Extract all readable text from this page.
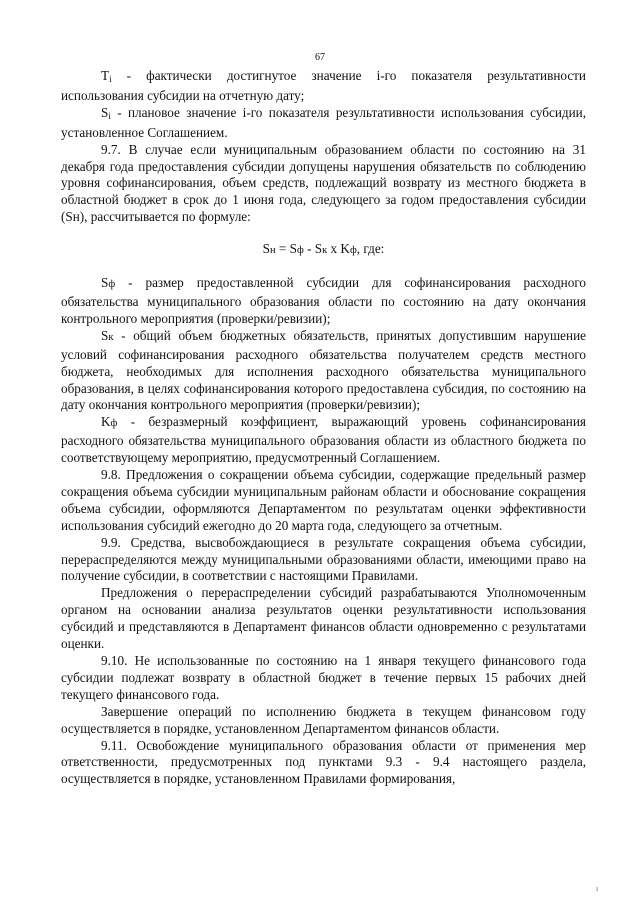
67

$T_i$ - фактически достигнутое значение i-го показателя результативности использования субсидии на отчетную дату;

$S_i$ - плановое значение i-го показателя результативности использования субсидии, установленное Соглашением.

9.7. В случае если муниципальным образованием области по состоянию на 31 декабря года предоставления субсидии допущены нарушения обязательств по соблюдению уровня софинансирования, объем средств, подлежащий возврату из местного бюджета в областной бюджет в срок до 1 июня года, следующего за годом предоставления субсидии (Sн), рассчитывается по формуле:

Sн = Sф - Sк x Kф, где:

Sф - размер предоставленной субсидии для софинансирования расходного обязательства муниципального образования области по состоянию на дату окончания контрольного мероприятия (проверки/ревизии);

Sк - общий объем бюджетных обязательств, принятых допустившим нарушение условий софинансирования расходного обязательства получателем средств местного бюджета, необходимых для исполнения расходного обязательства муниципального образования, в целях софинансирования которого предоставлена субсидия, по состоянию на дату окончания контрольного мероприятия (проверки/ревизии);

Kф - безразмерный коэффициент, выражающий уровень софинансирования расходного обязательства муниципального образования области из областного бюджета по соответствующему мероприятию, предусмотренный Соглашением.

9.8. Предложения о сокращении объема субсидии, содержащие предельный размер сокращения объема субсидии муниципальным районам области и обоснование сокращения объема субсидии, оформляются Департаментом по результатам оценки эффективности использования субсидий ежегодно до 20 марта года, следующего за отчетным.

9.9. Средства, высвобождающиеся в результате сокращения объема субсидии, перераспределяются между муниципальными образованиями области, имеющими право на получение субсидии, в соответствии с настоящими Правилами.

Предложения о перераспределении субсидий разрабатываются Уполномоченным органом на основании анализа результатов оценки результативности использования субсидий и представляются в Департамент финансов области одновременно с результатами оценки.

9.10. Не использованные по состоянию на 1 января текущего финансового года субсидии подлежат возврату в областной бюджет в течение первых 15 рабочих дней текущего финансового года.

Завершение операций по исполнению бюджета в текущем финансовом году осуществляется в порядке, установленном Департаментом финансов области.

9.11. Освобождение муниципального образования области от применения мер ответственности, предусмотренных под пунктами 9.3 - 9.4 настоящего раздела, осуществляется в порядке, установленном Правилами формирования,

ı
